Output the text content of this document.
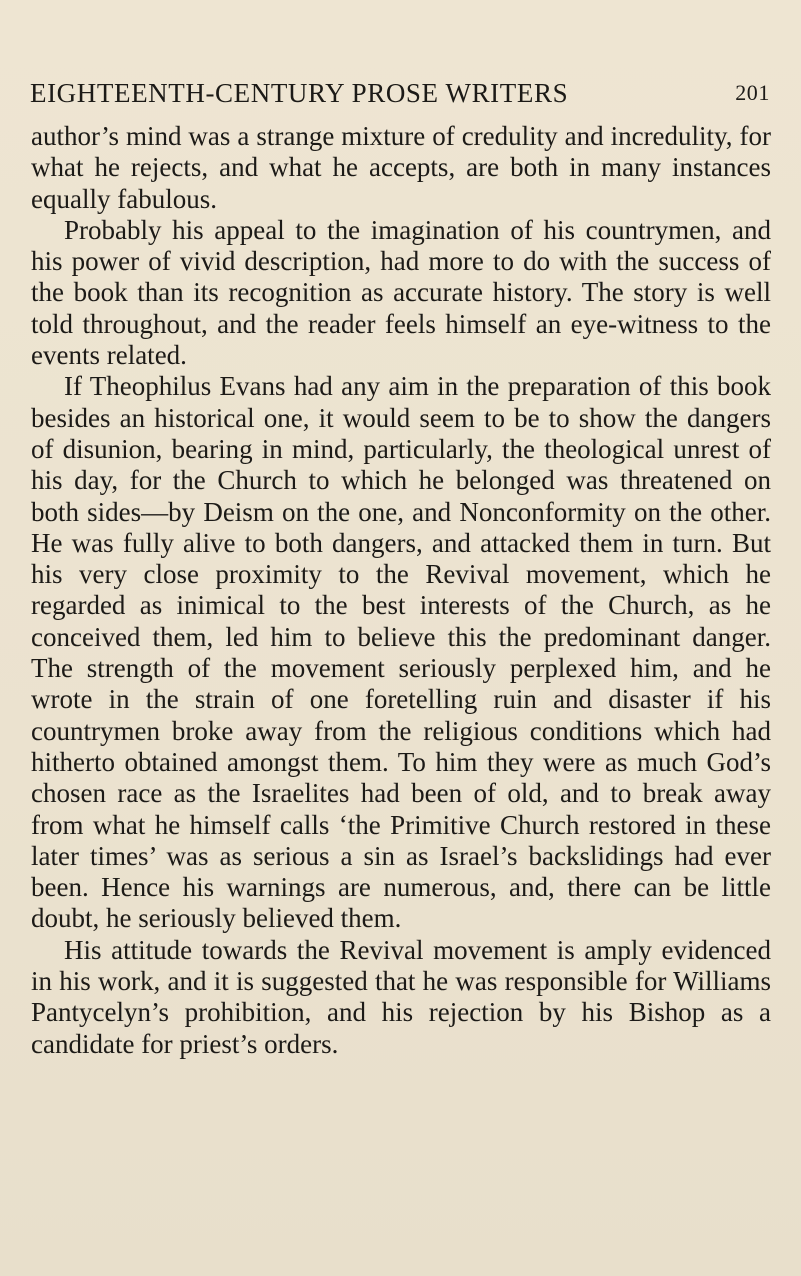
EIGHTEENTH-CENTURY PROSE WRITERS	201

author’s mind was a strange mixture of credulity and incredulity, for what he rejects, and what he accepts, are both in many instances equally fabulous.

Probably his appeal to the imagination of his countrymen, and his power of vivid description, had more to do with the success of the book than its recognition as accurate history. The story is well told throughout, and the reader feels himself an eye-witness to the events related.

If Theophilus Evans had any aim in the preparation of this book besides an historical one, it would seem to be to show the dangers of disunion, bearing in mind, particularly, the theological unrest of his day, for the Church to which he belonged was threatened on both sides—by Deism on the one, and Nonconformity on the other. He was fully alive to both dangers, and attacked them in turn. But his very close proximity to the Revival movement, which he regarded as inimical to the best interests of the Church, as he conceived them, led him to believe this the predominant danger. The strength of the movement seriously perplexed him, and he wrote in the strain of one foretelling ruin and disaster if his countrymen broke away from the religious conditions which had hitherto obtained amongst them. To him they were as much God’s chosen race as the Israelites had been of old, and to break away from what he himself calls ‘the Primitive Church restored in these later times’ was as serious a sin as Israel’s backslidings had ever been. Hence his warnings are numerous, and, there can be little doubt, he seriously believed them.

His attitude towards the Revival movement is amply evidenced in his work, and it is suggested that he was responsible for Williams Pantycelyn’s prohibition, and his rejection by his Bishop as a candidate for priest’s orders.
